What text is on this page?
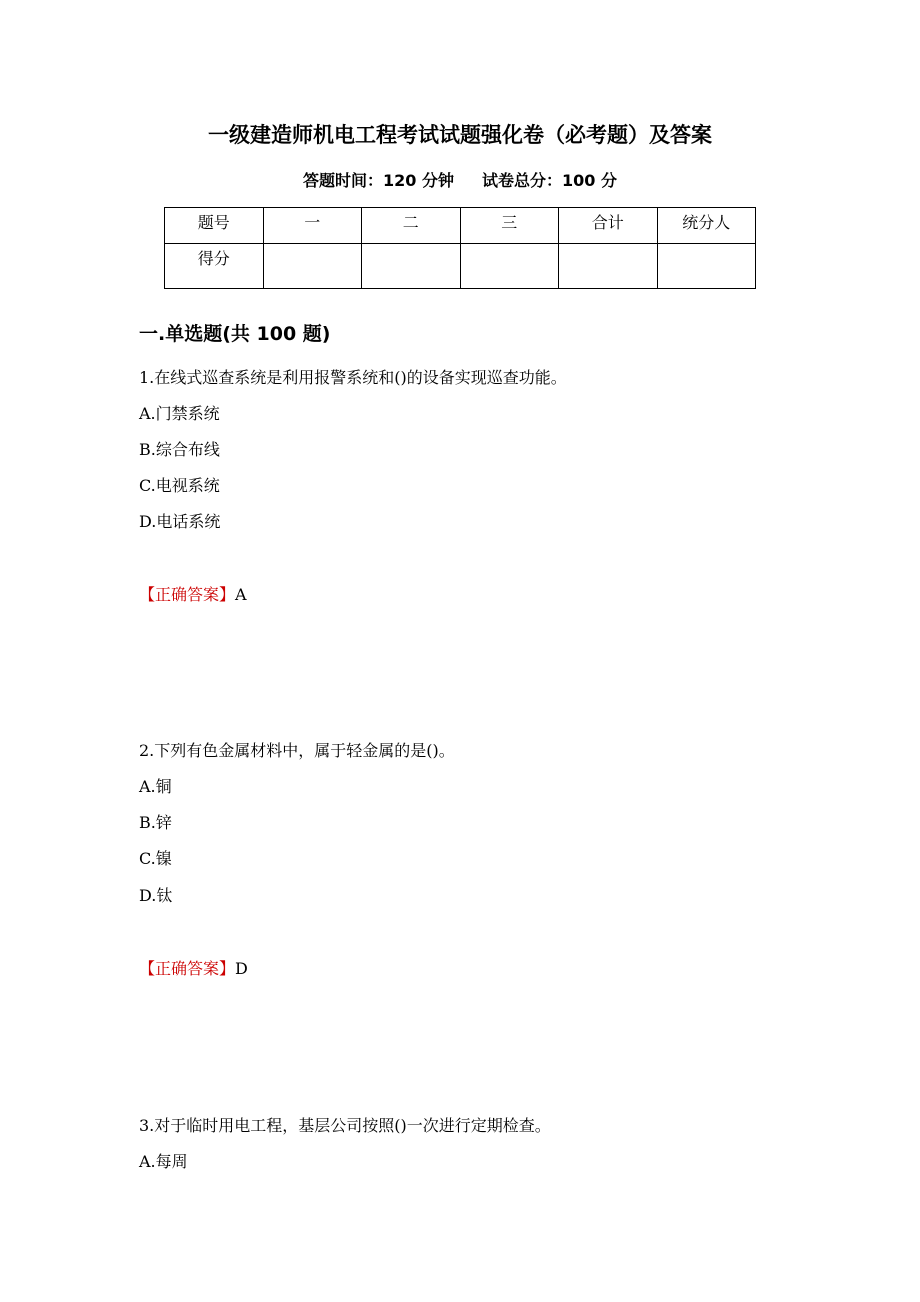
一级建造师机电工程考试试题强化卷（必考题）及答案
答题时间：120 分钟 试卷总分：100 分
题号	一	二	三	合计	统分人
得分					
一.单选题(共 100 题)
1.在线式巡查系统是利用报警系统和()的设备实现巡查功能。
A.门禁系统
B.综合布线
C.电视系统
D.电话系统
【正确答案】A
2.下列有色金属材料中，属于轻金属的是()。
A.铜
B.锌
C.镍
D.钛
【正确答案】D
3.对于临时用电工程，基层公司按照()一次进行定期检查。
A.每周
